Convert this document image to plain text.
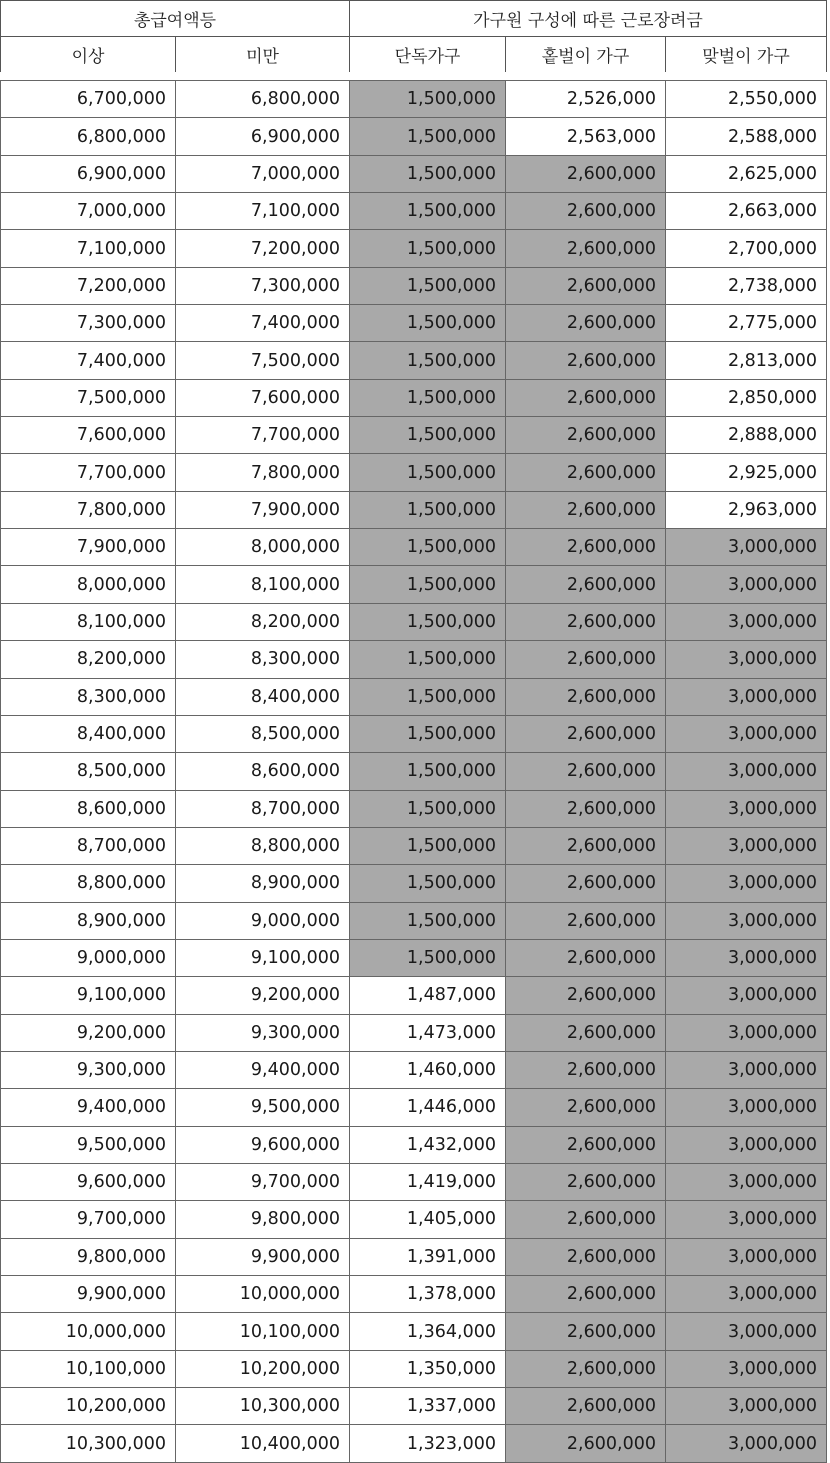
총급여액등		가구원 구성에 따른 근로장려금		
이상	미만	단독가구	홑벌이 가구	맞벌이 가구

6,700,000	6,800,000	1,500,000	2,526,000	2,550,000
6,800,000	6,900,000	1,500,000	2,563,000	2,588,000
6,900,000	7,000,000	1,500,000	2,600,000	2,625,000
7,000,000	7,100,000	1,500,000	2,600,000	2,663,000
7,100,000	7,200,000	1,500,000	2,600,000	2,700,000
7,200,000	7,300,000	1,500,000	2,600,000	2,738,000
7,300,000	7,400,000	1,500,000	2,600,000	2,775,000
7,400,000	7,500,000	1,500,000	2,600,000	2,813,000
7,500,000	7,600,000	1,500,000	2,600,000	2,850,000
7,600,000	7,700,000	1,500,000	2,600,000	2,888,000
7,700,000	7,800,000	1,500,000	2,600,000	2,925,000
7,800,000	7,900,000	1,500,000	2,600,000	2,963,000
7,900,000	8,000,000	1,500,000	2,600,000	3,000,000
8,000,000	8,100,000	1,500,000	2,600,000	3,000,000
8,100,000	8,200,000	1,500,000	2,600,000	3,000,000
8,200,000	8,300,000	1,500,000	2,600,000	3,000,000
8,300,000	8,400,000	1,500,000	2,600,000	3,000,000
8,400,000	8,500,000	1,500,000	2,600,000	3,000,000
8,500,000	8,600,000	1,500,000	2,600,000	3,000,000
8,600,000	8,700,000	1,500,000	2,600,000	3,000,000
8,700,000	8,800,000	1,500,000	2,600,000	3,000,000
8,800,000	8,900,000	1,500,000	2,600,000	3,000,000
8,900,000	9,000,000	1,500,000	2,600,000	3,000,000
9,000,000	9,100,000	1,500,000	2,600,000	3,000,000
9,100,000	9,200,000	1,487,000	2,600,000	3,000,000
9,200,000	9,300,000	1,473,000	2,600,000	3,000,000
9,300,000	9,400,000	1,460,000	2,600,000	3,000,000
9,400,000	9,500,000	1,446,000	2,600,000	3,000,000
9,500,000	9,600,000	1,432,000	2,600,000	3,000,000
9,600,000	9,700,000	1,419,000	2,600,000	3,000,000
9,700,000	9,800,000	1,405,000	2,600,000	3,000,000
9,800,000	9,900,000	1,391,000	2,600,000	3,000,000
9,900,000	10,000,000	1,378,000	2,600,000	3,000,000
10,000,000	10,100,000	1,364,000	2,600,000	3,000,000
10,100,000	10,200,000	1,350,000	2,600,000	3,000,000
10,200,000	10,300,000	1,337,000	2,600,000	3,000,000
10,300,000	10,400,000	1,323,000	2,600,000	3,000,000
